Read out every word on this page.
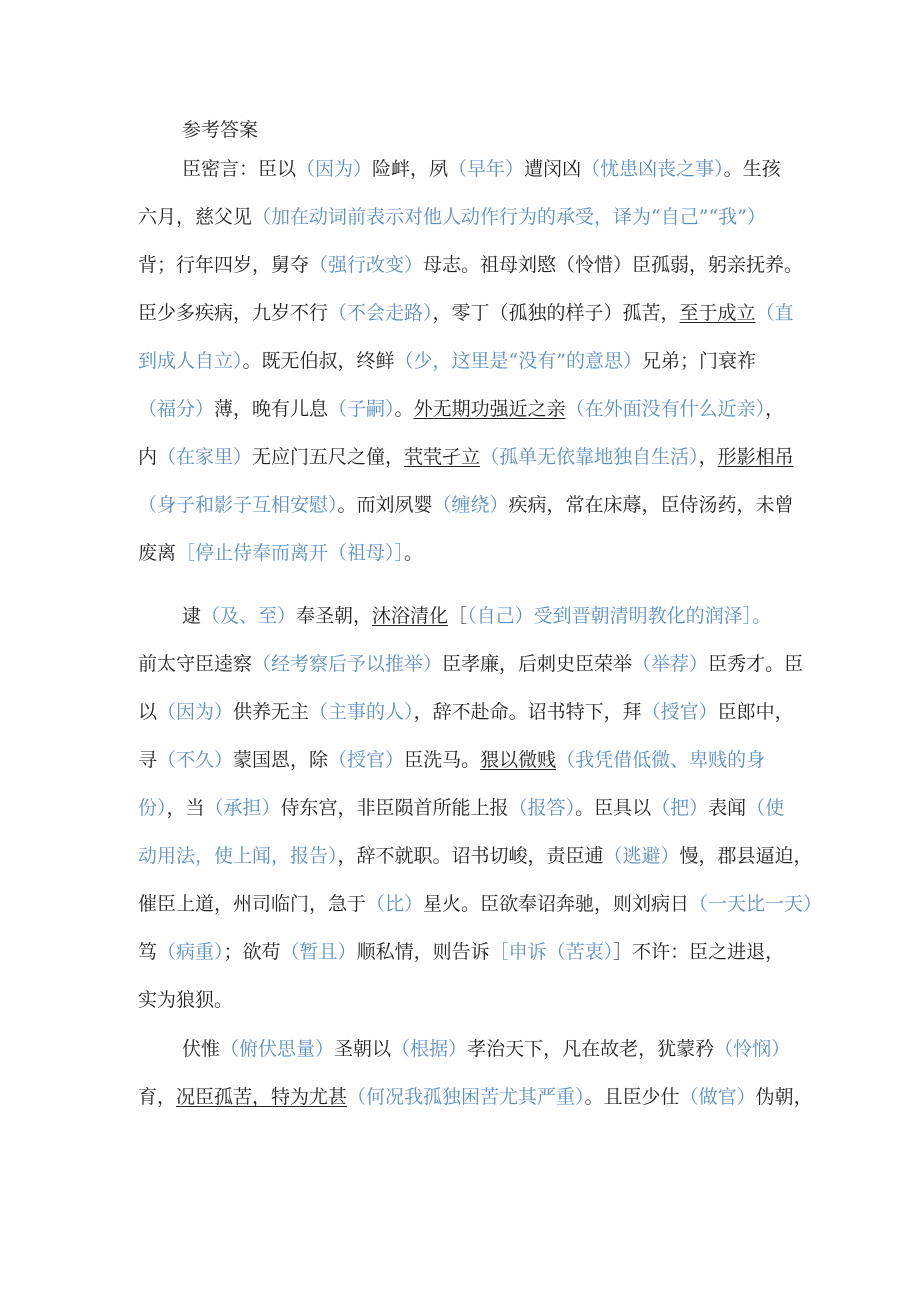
参考答案
臣密言：臣以（因为）险衅，夙（早年）遭闵凶（忧患凶丧之事）。生孩
六月，慈父见（加在动词前表示对他人动作行为的承受，译为“自己”“我”）
背；行年四岁，舅夺（强行改变）母志。祖母刘愍（怜惜）臣孤弱，躬亲抚养。
臣少多疾病，九岁不行（不会走路），零丁（孤独的样子）孤苦，至于成立（直
到成人自立）。既无伯叔，终鲜（少，这里是“没有”的意思）兄弟；门衰祚
（福分）薄，晚有儿息（子嗣）。外无期功强近之亲（在外面没有什么近亲），
内（在家里）无应门五尺之僮，茕茕孑立（孤单无依靠地独自生活），形影相吊
（身子和影子互相安慰）。而刘夙婴（缠绕）疾病，常在床蓐，臣侍汤药，未曾
废离［停止侍奉而离开（祖母）］。
逮（及、至）奉圣朝，沐浴清化［（自己）受到晋朝清明教化的润泽］。
前太守臣逵察（经考察后予以推举）臣孝廉，后刺史臣荣举（举荐）臣秀才。臣
以（因为）供养无主（主事的人），辞不赴命。诏书特下，拜（授官）臣郎中，
寻（不久）蒙国恩，除（授官）臣洗马。猥以微贱（我凭借低微、卑贱的身
份），当（承担）侍东宫，非臣陨首所能上报（报答）。臣具以（把）表闻（使
动用法，使上闻，报告），辞不就职。诏书切峻，责臣逋（逃避）慢，郡县逼迫，
催臣上道，州司临门，急于（比）星火。臣欲奉诏奔驰，则刘病日（一天比一天）
笃（病重）；欲苟（暂且）顺私情，则告诉［申诉（苦衷）］不许：臣之进退，
实为狼狈。
伏惟（俯伏思量）圣朝以（根据）孝治天下，凡在故老，犹蒙矜（怜悯）
育，况臣孤苦，特为尤甚（何况我孤独困苦尤其严重）。且臣少仕（做官）伪朝，
